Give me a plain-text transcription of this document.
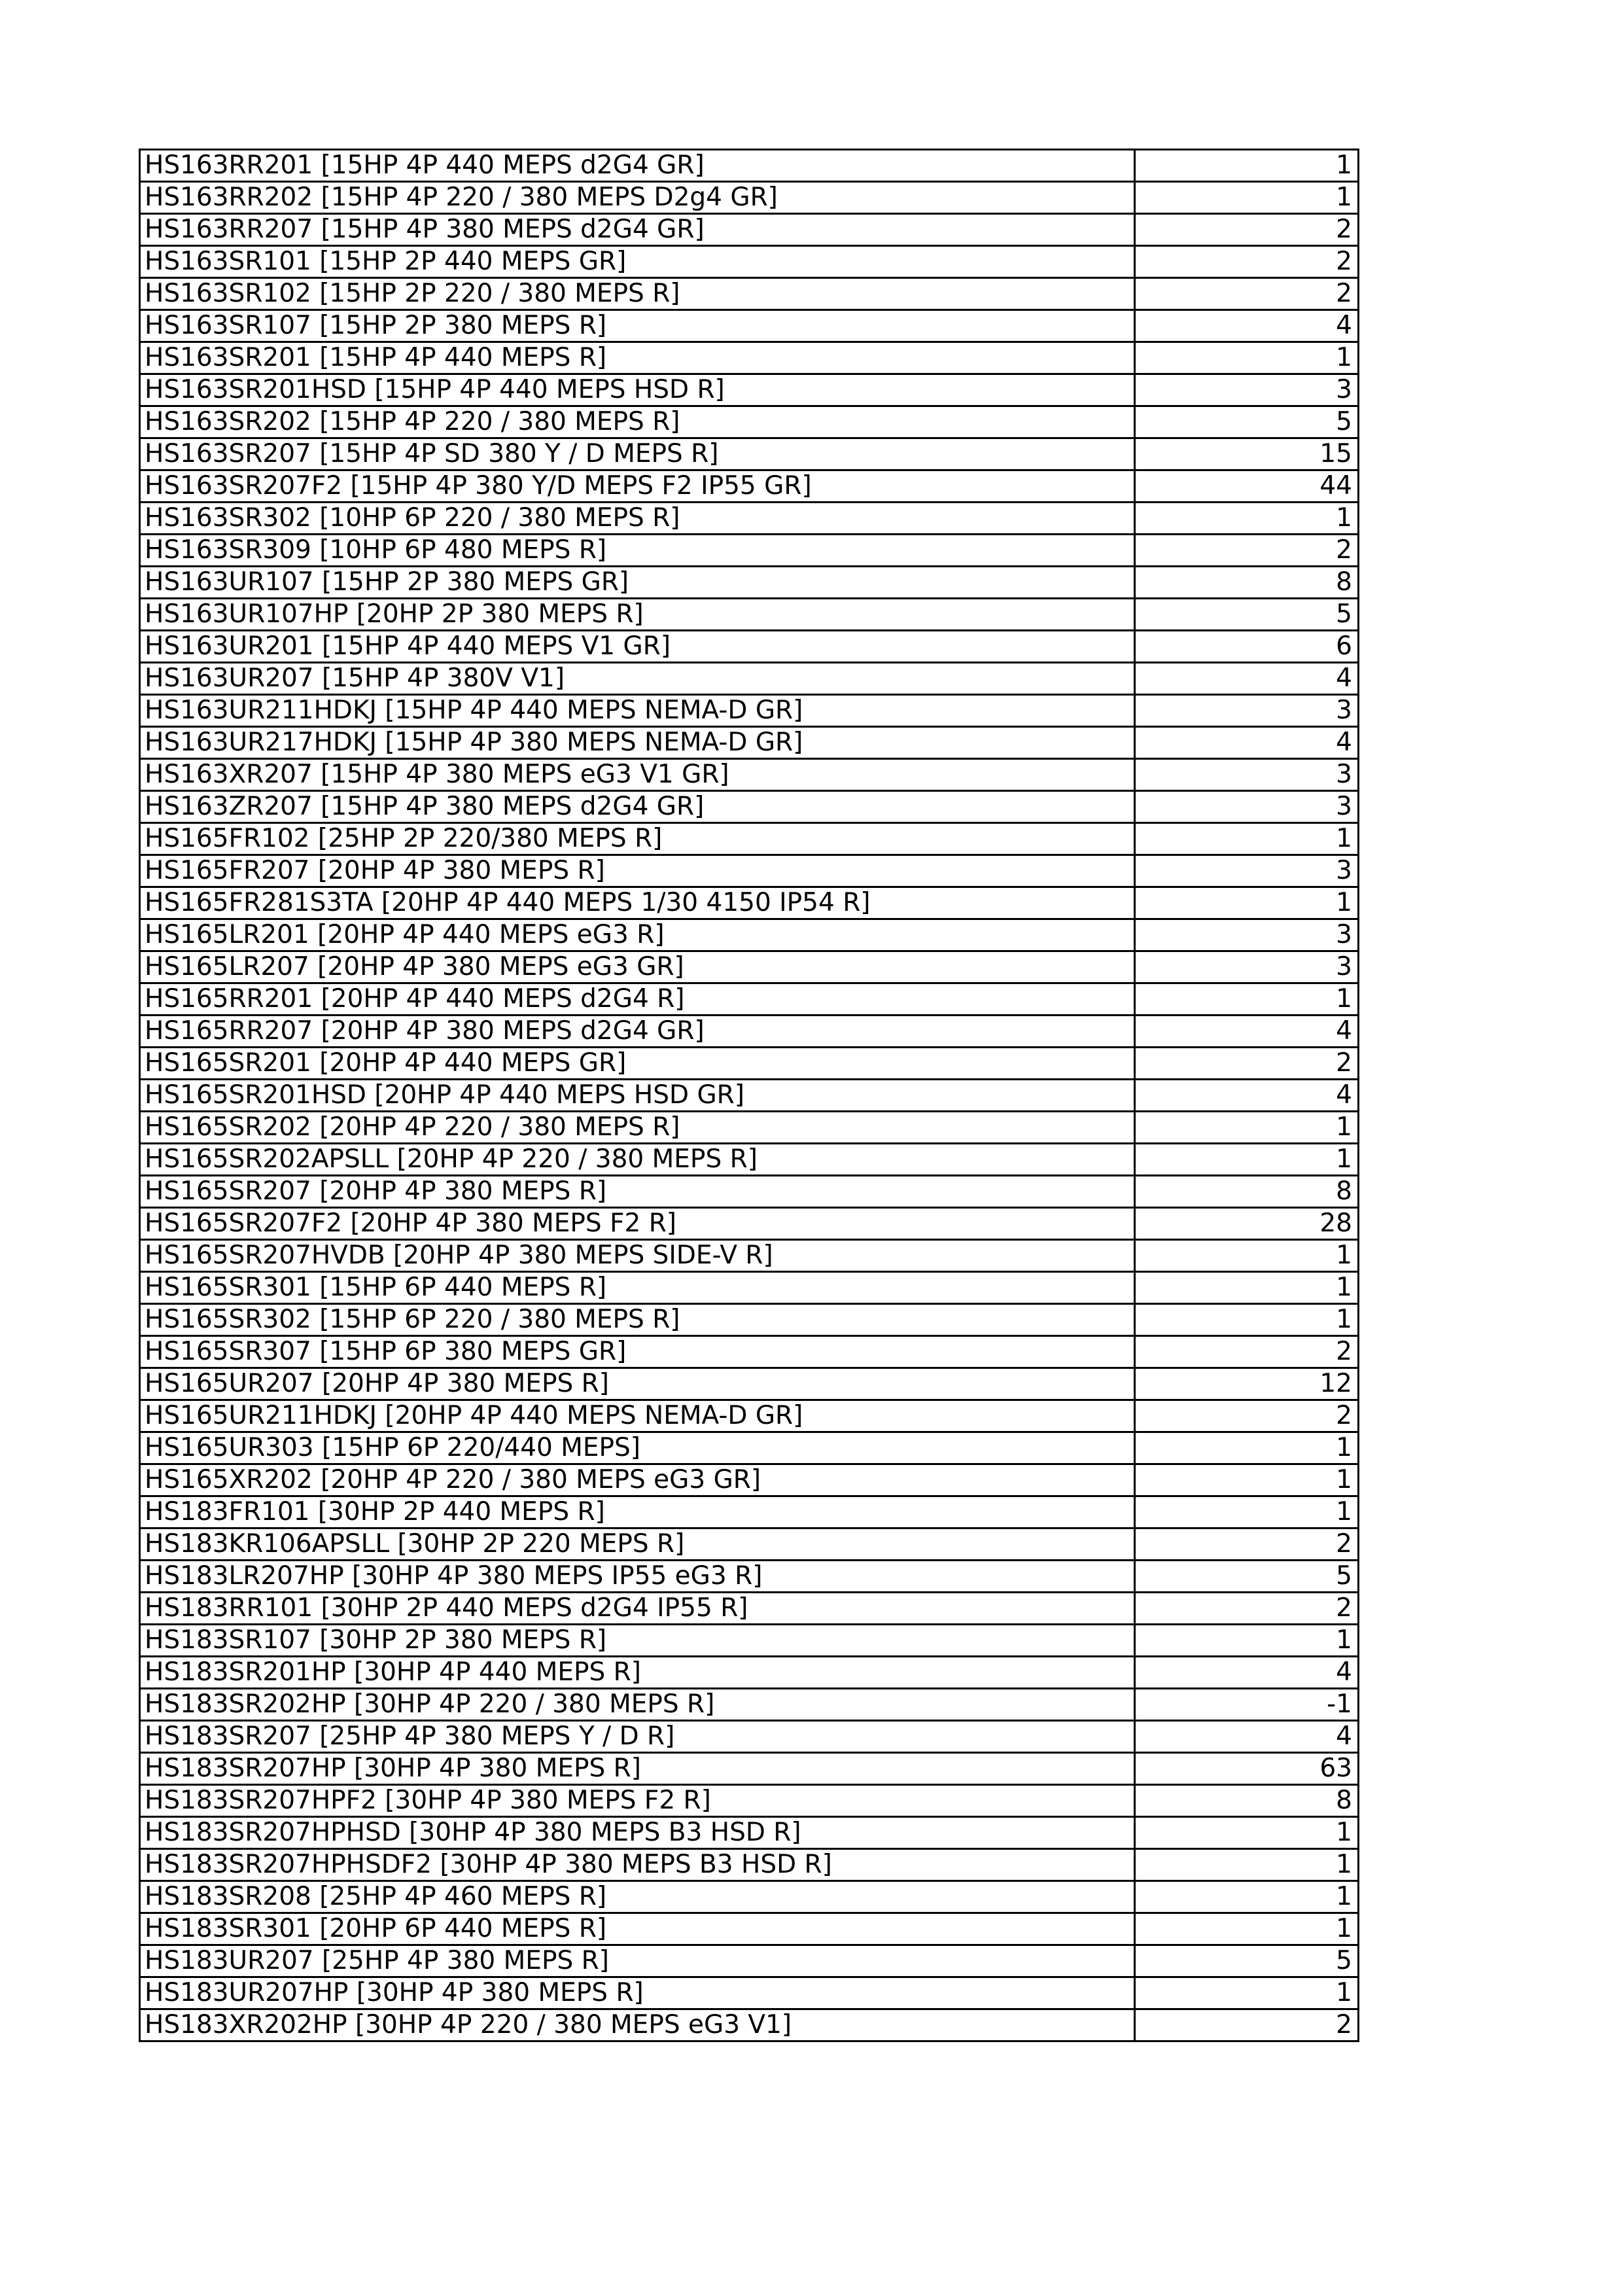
HS163RR201 [15HP 4P 440 MEPS d2G4 GR]	1
HS163RR202 [15HP 4P 220 / 380 MEPS D2g4 GR]	1
HS163RR207 [15HP 4P 380 MEPS d2G4 GR]	2
HS163SR101 [15HP 2P 440 MEPS GR]	2
HS163SR102 [15HP 2P 220 / 380 MEPS R]	2
HS163SR107 [15HP 2P 380 MEPS R]	4
HS163SR201 [15HP 4P 440 MEPS R]	1
HS163SR201HSD [15HP 4P 440 MEPS HSD R]	3
HS163SR202 [15HP 4P 220 / 380 MEPS R]	5
HS163SR207 [15HP 4P SD 380 Y / D MEPS R]	15
HS163SR207F2 [15HP 4P 380 Y/D MEPS F2 IP55 GR]	44
HS163SR302 [10HP 6P 220 / 380 MEPS R]	1
HS163SR309 [10HP 6P 480 MEPS R]	2
HS163UR107 [15HP 2P 380 MEPS GR]	8
HS163UR107HP [20HP 2P 380 MEPS R]	5
HS163UR201 [15HP 4P 440 MEPS V1 GR]	6
HS163UR207 [15HP 4P 380V V1]	4
HS163UR211HDKJ [15HP 4P 440 MEPS NEMA-D GR]	3
HS163UR217HDKJ [15HP 4P 380 MEPS NEMA-D GR]	4
HS163XR207 [15HP 4P 380 MEPS eG3 V1 GR]	3
HS163ZR207 [15HP 4P 380 MEPS d2G4 GR]	3
HS165FR102 [25HP 2P 220/380 MEPS R]	1
HS165FR207 [20HP 4P 380 MEPS R]	3
HS165FR281S3TA [20HP 4P 440 MEPS 1/30 4150 IP54 R]	1
HS165LR201 [20HP 4P 440 MEPS eG3 R]	3
HS165LR207 [20HP 4P 380 MEPS eG3 GR]	3
HS165RR201 [20HP 4P 440 MEPS d2G4 R]	1
HS165RR207 [20HP 4P 380 MEPS d2G4 GR]	4
HS165SR201 [20HP 4P 440 MEPS GR]	2
HS165SR201HSD [20HP 4P 440 MEPS HSD GR]	4
HS165SR202 [20HP 4P 220 / 380 MEPS R]	1
HS165SR202APSLL [20HP 4P 220 / 380 MEPS R]	1
HS165SR207 [20HP 4P 380 MEPS R]	8
HS165SR207F2 [20HP 4P 380 MEPS F2 R]	28
HS165SR207HVDB [20HP 4P 380 MEPS SIDE-V R]	1
HS165SR301 [15HP 6P 440 MEPS R]	1
HS165SR302 [15HP 6P 220 / 380 MEPS R]	1
HS165SR307 [15HP 6P 380 MEPS GR]	2
HS165UR207 [20HP 4P 380 MEPS R]	12
HS165UR211HDKJ [20HP 4P 440 MEPS NEMA-D GR]	2
HS165UR303 [15HP 6P 220/440 MEPS]	1
HS165XR202 [20HP 4P 220 / 380 MEPS eG3 GR]	1
HS183FR101 [30HP 2P 440 MEPS R]	1
HS183KR106APSLL [30HP 2P 220 MEPS R]	2
HS183LR207HP [30HP 4P 380 MEPS IP55 eG3 R]	5
HS183RR101 [30HP 2P 440 MEPS d2G4 IP55 R]	2
HS183SR107 [30HP 2P 380 MEPS R]	1
HS183SR201HP [30HP 4P 440 MEPS R]	4
HS183SR202HP [30HP 4P 220 / 380 MEPS R]	-1
HS183SR207 [25HP 4P 380 MEPS Y / D R]	4
HS183SR207HP [30HP 4P 380 MEPS R]	63
HS183SR207HPF2 [30HP 4P 380 MEPS F2 R]	8
HS183SR207HPHSD [30HP 4P 380 MEPS B3 HSD R]	1
HS183SR207HPHSDF2 [30HP 4P 380 MEPS B3 HSD R]	1
HS183SR208 [25HP 4P 460 MEPS R]	1
HS183SR301 [20HP 6P 440 MEPS R]	1
HS183UR207 [25HP 4P 380 MEPS R]	5
HS183UR207HP [30HP 4P 380 MEPS R]	1
HS183XR202HP [30HP 4P 220 / 380 MEPS eG3 V1]	2
